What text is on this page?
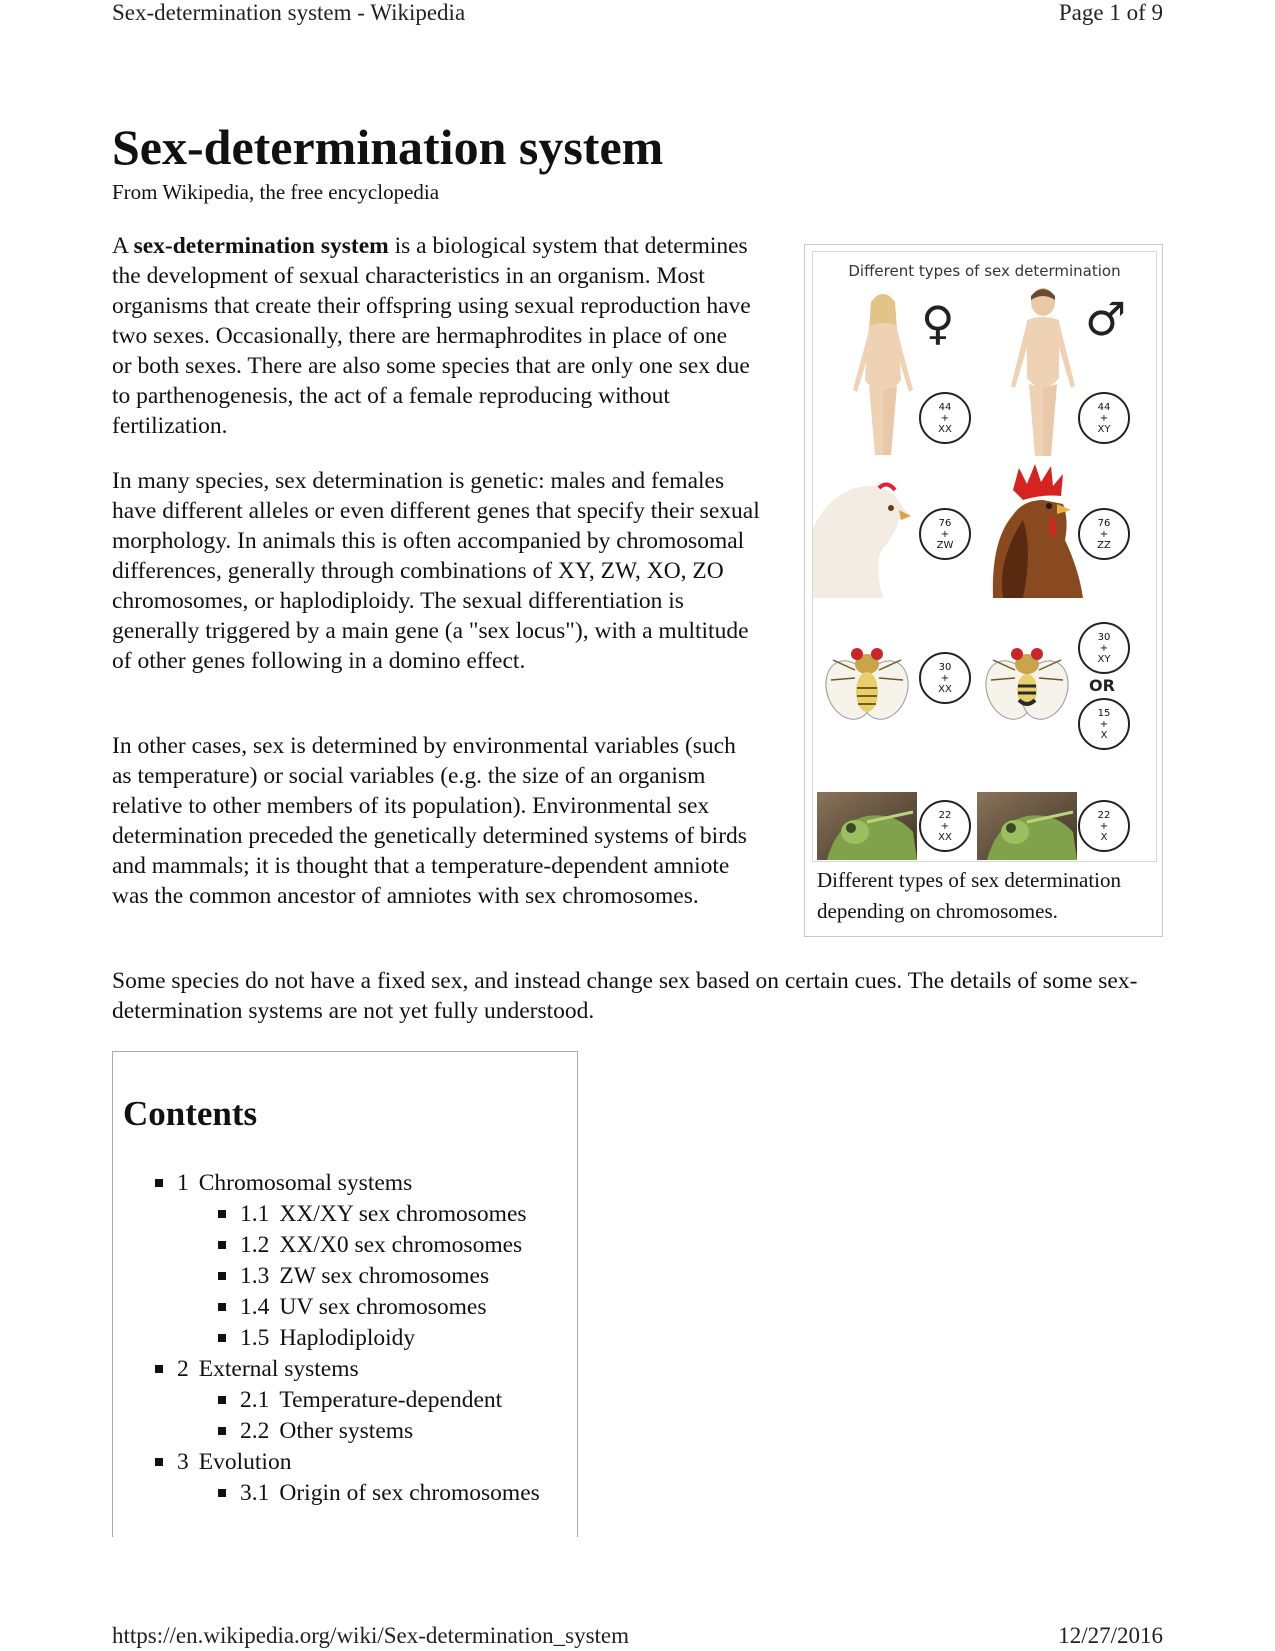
Sex-determination system - Wikipedia	Page 1 of 9
Sex-determination system
From Wikipedia, the free encyclopedia

A sex-determination system is a biological system that determines the development of sexual characteristics in an organism. Most organisms that create their offspring using sexual reproduction have two sexes. Occasionally, there are hermaphrodites in place of one or both sexes. There are also some species that are only one sex due to parthenogenesis, the act of a female reproducing without fertilization.

In many species, sex determination is genetic: males and females have different alleles or even different genes that specify their sexual morphology. In animals this is often accompanied by chromosomal differences, generally through combinations of XY, ZW, XO, ZO chromosomes, or haplodiploidy. The sexual differentiation is generally triggered by a main gene (a "sex locus"), with a multitude of other genes following in a domino effect.

In other cases, sex is determined by environmental variables (such as temperature) or social variables (e.g. the size of an organism relative to other members of its population). Environmental sex determination preceded the genetically determined systems of birds and mammals; it is thought that a temperature-dependent amniote was the common ancestor of amniotes with sex chromosomes.

Some species do not have a fixed sex, and instead change sex based on certain cues. The details of some sex-determination systems are not yet fully understood.

Different types of sex determination
♀	♂
44
+
XX
44
+
XY
76
+
ZW
76
+
ZZ
30
+
XX
30
+
XY
OR
15
+
X
22
+
XX
22
+
X
Different types of sex determination depending on chromosomes.
Contents
1 Chromosomal systems
1.1 XX/XY sex chromosomes
1.2 XX/X0 sex chromosomes
1.3 ZW sex chromosomes
1.4 UV sex chromosomes
1.5 Haplodiploidy
2 External systems
2.1 Temperature-dependent
2.2 Other systems
3 Evolution
3.1 Origin of sex chromosomes
https://en.wikipedia.org/wiki/Sex-determination_system	12/27/2016
